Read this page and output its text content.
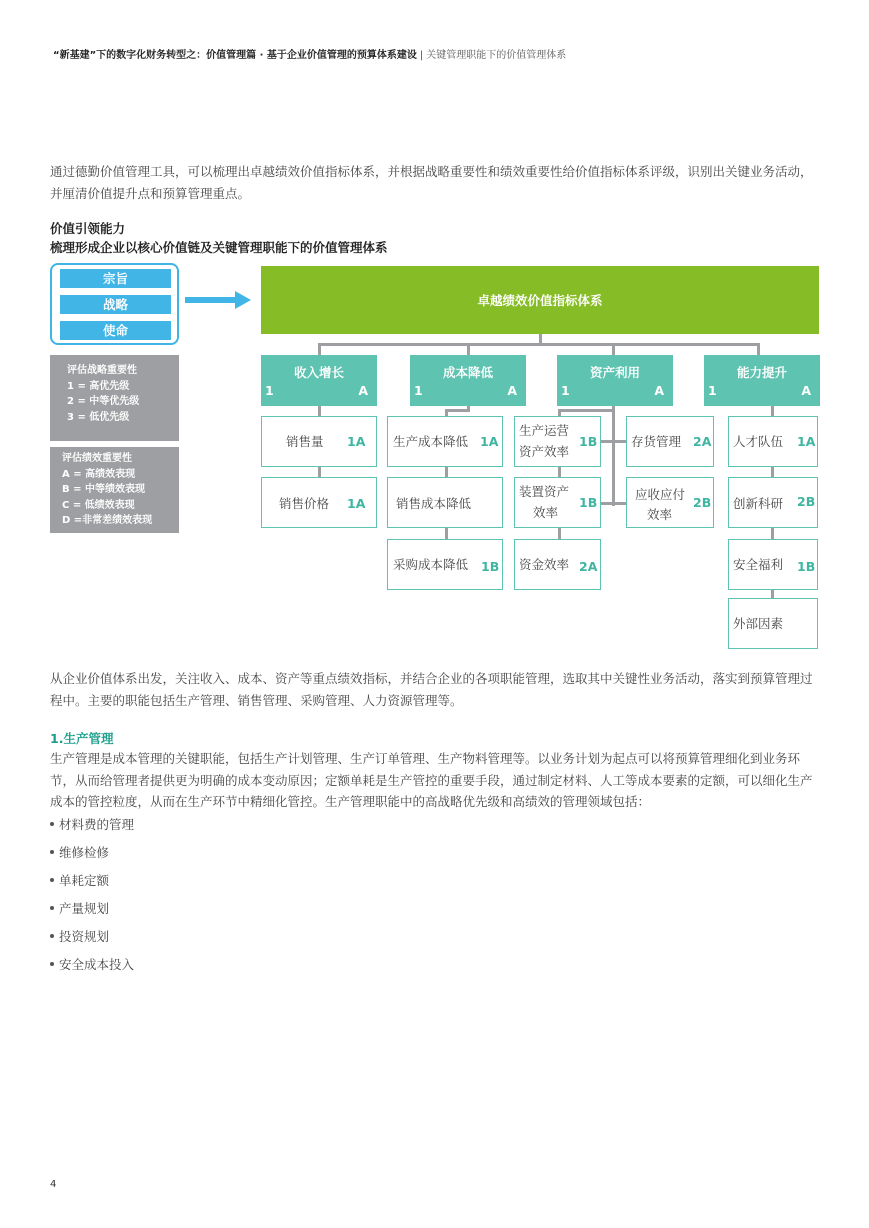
“新基建”下的数字化财务转型之：价值管理篇 · 基于企业价值管理的预算体系建设 | 关键管理职能下的价值管理体系
通过德勤价值管理工具，可以梳理出卓越绩效价值指标体系，并根据战略重要性和绩效重要性给价值指标体系评级，识别出关键业务活动，并厘清价值提升点和预算管理重点。
价值引领能力
梳理形成企业以核心价值链及关键管理职能下的价值管理体系
宗旨
战略
使命
评估战略重要性
1 = 高优先级
2 = 中等优先级
3 = 低优先级
评估绩效重要性
A = 高绩效表现
B = 中等绩效表现
C = 低绩效表现
D =非常差绩效表现
卓越绩效价值指标体系
收入增长
1	A
成本降低
1	A
资产利用
1	A
能力提升
1	A
销售量 1A
销售价格 1A
生产成本降低 1A
销售成本降低
采购成本降低 1B
生产运营
资产效率
1B
装置资产
效率
1B
资金效率 2A
存货管理 2A
应收应付
效率
2B
人才队伍 1A
创新科研 2B
安全福利 1B
外部因素
从企业价值体系出发，关注收入、成本、资产等重点绩效指标，并结合企业的各项职能管理，选取其中关键性业务活动，落实到预算管理过程中。主要的职能包括生产管理、销售管理、采购管理、人力资源管理等。
1.生产管理
生产管理是成本管理的关键职能，包括生产计划管理、生产订单管理、生产物料管理等。以业务计划为起点可以将预算管理细化到业务环节，从而给管理者提供更为明确的成本变动原因；定额单耗是生产管控的重要手段，通过制定材料、人工等成本要素的定额，可以细化生产成本的管控粒度，从而在生产环节中精细化管控。生产管理职能中的高战略优先级和高绩效的管理领域包括：
材料费的管理
维修检修
单耗定额
产量规划
投资规划
安全成本投入
4
